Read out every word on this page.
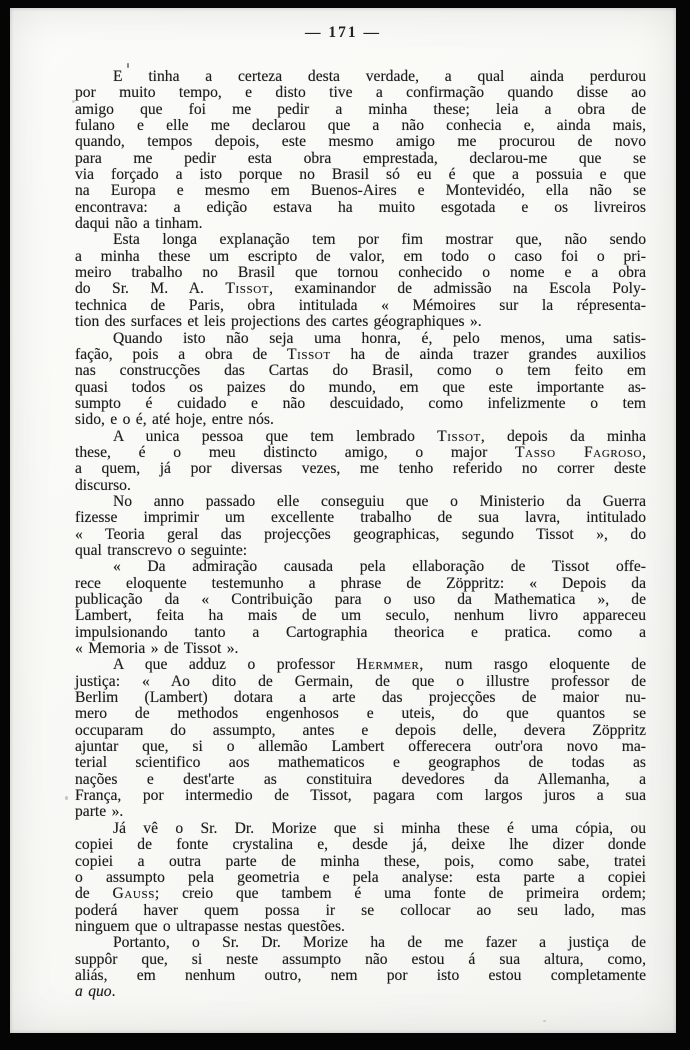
— 171 —
E tinha a certeza desta verdade, a qual ainda perdurou
por muito tempo, e disto tive a confirmação quando disse ao
amigo que foi me pedir a minha these; leia a obra de
fulano e elle me declarou que a não conhecia e, ainda mais,
quando, tempos depois, este mesmo amigo me procurou de novo
para me pedir esta obra emprestada, declarou-me que se
via forçado a isto porque no Brasil só eu é que a possuia e que
na Europa e mesmo em Buenos-Aires e Montevidéo, ella não se
encontrava: a edição estava ha muito esgotada e os livreiros
daqui não a tinham.
Esta longa explanação tem por fim mostrar que, não sendo
a minha these um escripto de valor, em todo o caso foi o pri-
meiro trabalho no Brasil que tornou conhecido o nome e a obra
do Sr. M. A. Tissot, examinandor de admissão na Escola Poly-
technica de Paris, obra intitulada « Mémoires sur la répresenta-
tion des surfaces et leis projections des cartes géographiques ».
Quando isto não seja uma honra, é, pelo menos, uma satis-
fação, pois a obra de Tissot ha de ainda trazer grandes auxilios
nas construcções das Cartas do Brasil, como o tem feito em
quasi todos os paizes do mundo, em que este importante as-
sumpto é cuidado e não descuidado, como infelizmente o tem
sido, e o é, até hoje, entre nós.
A unica pessoa que tem lembrado Tissot, depois da minha
these, é o meu distincto amigo, o major Tasso Fagroso,
a quem, já por diversas vezes, me tenho referido no correr deste
discurso.
No anno passado elle conseguiu que o Ministerio da Guerra
fizesse imprimir um excellente trabalho de sua lavra, intitulado
« Teoria geral das projecções geographicas, segundo Tissot », do
qual transcrevo o seguinte:
« Da admiração causada pela ellaboração de Tissot offe-
rece eloquente testemunho a phrase de Zöppritz: « Depois da
publicação da « Contribuição para o uso da Mathematica », de
Lambert, feita ha mais de um seculo, nenhum livro appareceu
impulsionando tanto a Cartographia theorica e pratica. como a
« Memoria » de Tissot ».
A que adduz o professor Hermmer, num rasgo eloquente de
justiça: « Ao dito de Germain, de que o illustre professor de
Berlim (Lambert) dotara a arte das projecções de maior nu-
mero de methodos engenhosos e uteis, do que quantos se
occuparam do assumpto, antes e depois delle, devera Zöppritz
ajuntar que, si o allemão Lambert offerecera outr'ora novo ma-
terial scientifico aos mathematicos e geographos de todas as
nações e dest'arte as constituira devedores da Allemanha, a
França, por intermedio de Tissot, pagara com largos juros a sua
parte ».
Já vê o Sr. Dr. Morize que si minha these é uma cópia, ou
copiei de fonte crystalina e, desde já, deixe lhe dizer donde
copiei a outra parte de minha these, pois, como sabe, tratei
o assumpto pela geometria e pela analyse: esta parte a copiei
de Gauss; creio que tambem é uma fonte de primeira ordem;
poderá haver quem possa ir se collocar ao seu lado, mas
ninguem que o ultrapasse nestas questões.
Portanto, o Sr. Dr. Morize ha de me fazer a justiça de
suppôr que, si neste assumpto não estou á sua altura, como,
aliás, em nenhum outro, nem por isto estou completamente
a quo.
